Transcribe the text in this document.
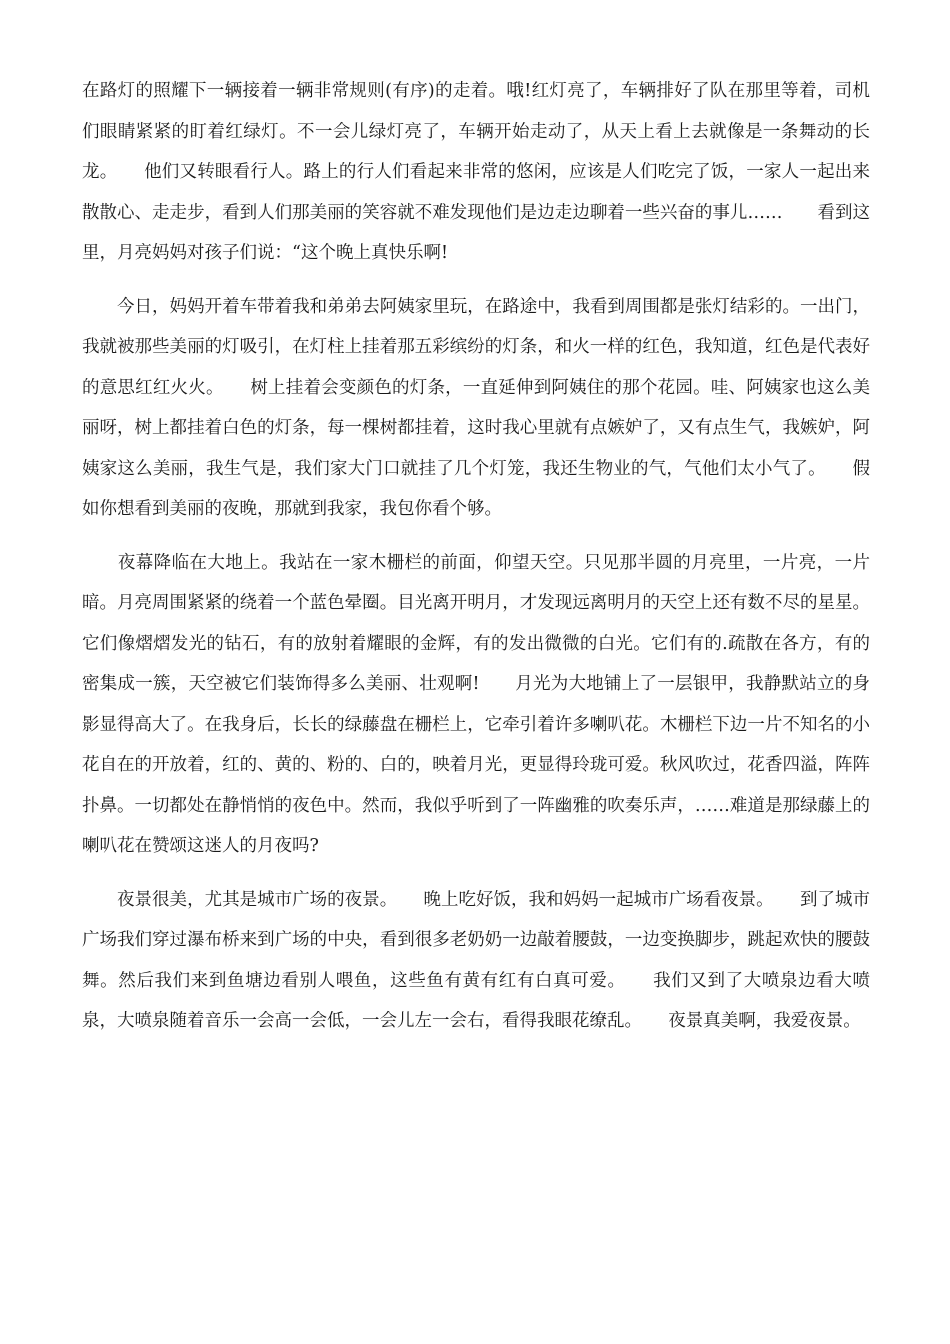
在路灯的照耀下一辆接着一辆非常规则(有序)的走着。哦!红灯亮了，车辆排好了队在那里等着，司机们眼睛紧紧的盯着红绿灯。不一会儿绿灯亮了，车辆开始走动了，从天上看上去就像是一条舞动的长龙。　　他们又转眼看行人。路上的行人们看起来非常的悠闲，应该是人们吃完了饭，一家人一起出来散散心、走走步，看到人们那美丽的笑容就不难发现他们是边走边聊着一些兴奋的事儿……　　看到这里，月亮妈妈对孩子们说：“这个晚上真快乐啊!

　　今日，妈妈开着车带着我和弟弟去阿姨家里玩，在路途中，我看到周围都是张灯结彩的。一出门，我就被那些美丽的灯吸引，在灯柱上挂着那五彩缤纷的灯条，和火一样的红色，我知道，红色是代表好的意思红红火火。　　树上挂着会变颜色的灯条，一直延伸到阿姨住的那个花园。哇、阿姨家也这么美丽呀，树上都挂着白色的灯条，每一棵树都挂着，这时我心里就有点嫉妒了，又有点生气，我嫉妒，阿姨家这么美丽，我生气是，我们家大门口就挂了几个灯笼，我还生物业的气，气他们太小气了。　　假如你想看到美丽的夜晚，那就到我家，我包你看个够。

　　夜幕降临在大地上。我站在一家木栅栏的前面，仰望天空。只见那半圆的月亮里，一片亮，一片暗。月亮周围紧紧的绕着一个蓝色晕圈。目光离开明月，才发现远离明月的天空上还有数不尽的星星。它们像熠熠发光的钻石，有的放射着耀眼的金辉，有的发出微微的白光。它们有的.疏散在各方，有的密集成一簇，天空被它们装饰得多么美丽、壮观啊!　　月光为大地铺上了一层银甲，我静默站立的身影显得高大了。在我身后，长长的绿藤盘在栅栏上，它牵引着许多喇叭花。木栅栏下边一片不知名的小花自在的开放着，红的、黄的、粉的、白的，映着月光，更显得玲珑可爱。秋风吹过，花香四溢，阵阵扑鼻。一切都处在静悄悄的夜色中。然而，我似乎听到了一阵幽雅的吹奏乐声，……难道是那绿藤上的喇叭花在赞颂这迷人的月夜吗?

　　夜景很美，尤其是城市广场的夜景。　　晚上吃好饭，我和妈妈一起城市广场看夜景。　　到了城市广场我们穿过瀑布桥来到广场的中央，看到很多老奶奶一边敲着腰鼓，一边变换脚步，跳起欢快的腰鼓舞。然后我们来到鱼塘边看别人喂鱼，这些鱼有黄有红有白真可爱。　　我们又到了大喷泉边看大喷泉，大喷泉随着音乐一会高一会低，一会儿左一会右，看得我眼花缭乱。　　夜景真美啊，我爱夜景。
